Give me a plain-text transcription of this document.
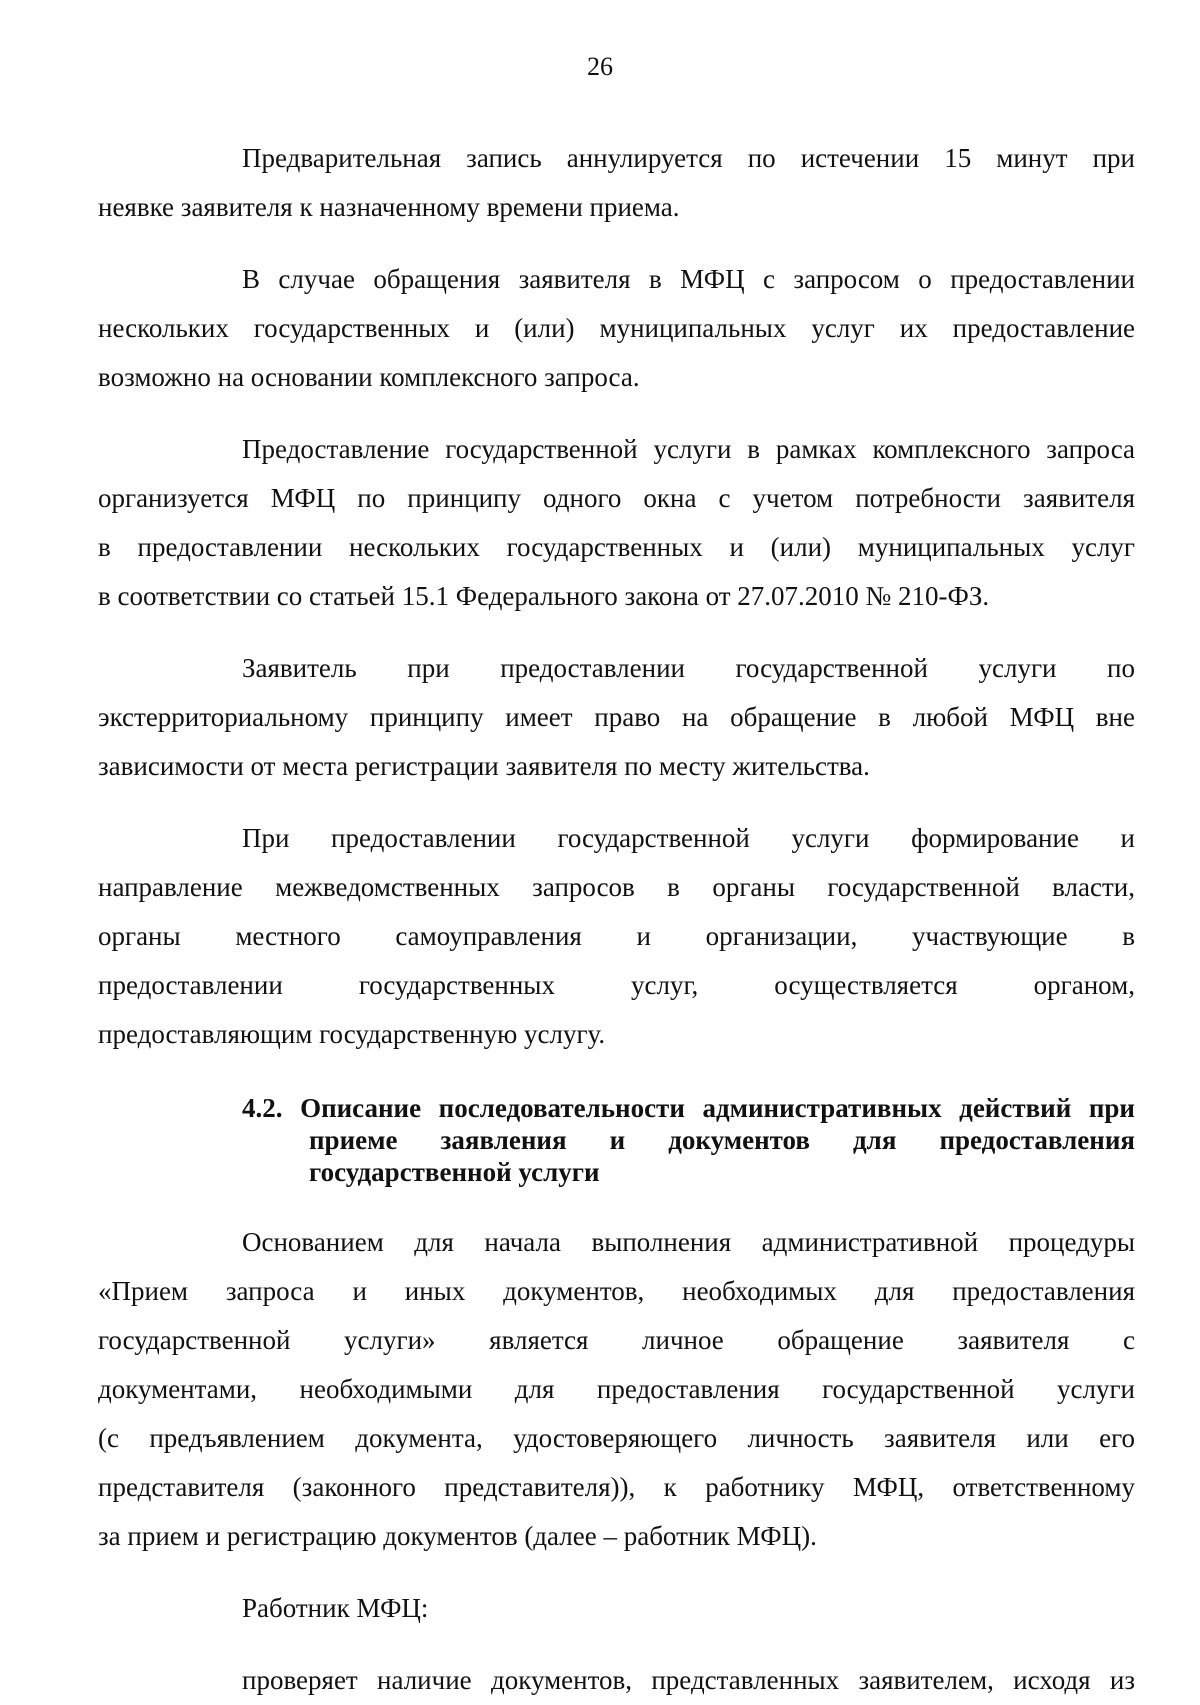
26
Предварительная запись аннулируется по истечении 15 минут при
неявке заявителя к назначенному времени приема.
В случае обращения заявителя в МФЦ с запросом о предоставлении
нескольких государственных и (или) муниципальных услуг их предоставление
возможно на основании комплексного запроса.
Предоставление государственной услуги в рамках комплексного запроса
организуется МФЦ по принципу одного окна с учетом потребности заявителя
в предоставлении нескольких государственных и (или) муниципальных услуг
в соответствии со статьей 15.1 Федерального закона от 27.07.2010 № 210-ФЗ.
Заявитель при предоставлении государственной услуги по
экстерриториальному принципу имеет право на обращение в любой МФЦ вне
зависимости от места регистрации заявителя по месту жительства.
При предоставлении государственной услуги формирование и
направление межведомственных запросов в органы государственной власти,
органы местного самоуправления и организации, участвующие в
предоставлении государственных услуг, осуществляется органом,
предоставляющим государственную услугу.
4.2. Описание последовательности административных действий при
приеме заявления и документов для предоставления
государственной услуги
Основанием для начала выполнения административной процедуры
«Прием запроса и иных документов, необходимых для предоставления
государственной услуги» является личное обращение заявителя с
документами, необходимыми для предоставления государственной услуги
(с предъявлением документа, удостоверяющего личность заявителя или его
представителя (законного представителя)), к работнику МФЦ, ответственному
за прием и регистрацию документов (далее – работник МФЦ).
Работник МФЦ:
проверяет наличие документов, представленных заявителем, исходя из
